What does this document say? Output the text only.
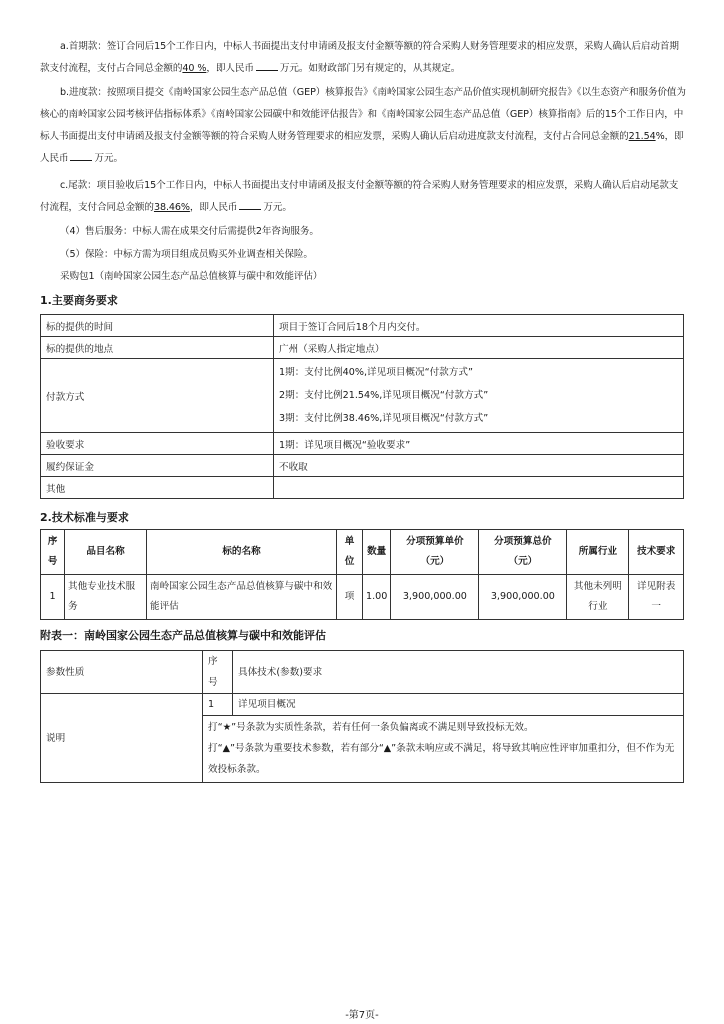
a.首期款：签订合同后15个工作日内，中标人书面提出支付申请函及报支付金额等额的符合采购人财务管理要求的相应发票，采购人确认后启动首期款支付流程，支付占合同总金额的40 %，即人民币	万元。如财政部门另有规定的，从其规定。
b.进度款：按照项目提交《南岭国家公园生态产品总值（GEP）核算报告》《南岭国家公园生态产品价值实现机制研究报告》《以生态资产和服务价值为核心的南岭国家公园考核评估指标体系》《南岭国家公园碳中和效能评估报告》和《南岭国家公园生态产品总值（GEP）核算指南》后的15个工作日内，中标人书面提出支付申请函及报支付金额等额的符合采购人财务管理要求的相应发票，采购人确认后启动进度款支付流程，支付占合同总金额的21.54%，即人民币	万元。
c.尾款：项目验收后15个工作日内，中标人书面提出支付申请函及报支付金额等额的符合采购人财务管理要求的相应发票，采购人确认后启动尾款支付流程，支付合同总金额的38.46%，即人民币	万元。
（4）售后服务：中标人需在成果交付后需提供2年咨询服务。
（5）保险：中标方需为项目组成员购买外业调查相关保险。
采购包1（南岭国家公园生态产品总值核算与碳中和效能评估）
1.主要商务要求
标的提供的时间	项目于签订合同后18个月内交付。
标的提供的地点	广州（采购人指定地点）
付款方式	1期：支付比例40%,详见项目概况“付款方式”
2期：支付比例21.54%,详见项目概况“付款方式”
3期：支付比例38.46%,详见项目概况“付款方式”

验收要求	1期：详见项目概况“验收要求”
履约保证金	不收取
其他	
2.技术标准与要求
序号	品目名称	标的名称	单位	数量	分项预算单价（元）	分项预算总价（元）	所属行业	技术要求
1	其他专业技术服务	南岭国家公园生态产品总值核算与碳中和效能评估	项	1.00	3,900,000.00	3,900,000.00	其他未列明行业	详见附表一
附表一：南岭国家公园生态产品总值核算与碳中和效能评估
参数性质	序号	具体技术(参数)要求
说明	1	详见项目概况

	打“★”号条款为实质性条款，若有任何一条负偏离或不满足则导致投标无效。
打“▲”号条款为重要技术参数，若有部分“▲”条款未响应或不满足，将导致其响应性评审加重扣分，但不作为无效投标条款。	
-第7页-
